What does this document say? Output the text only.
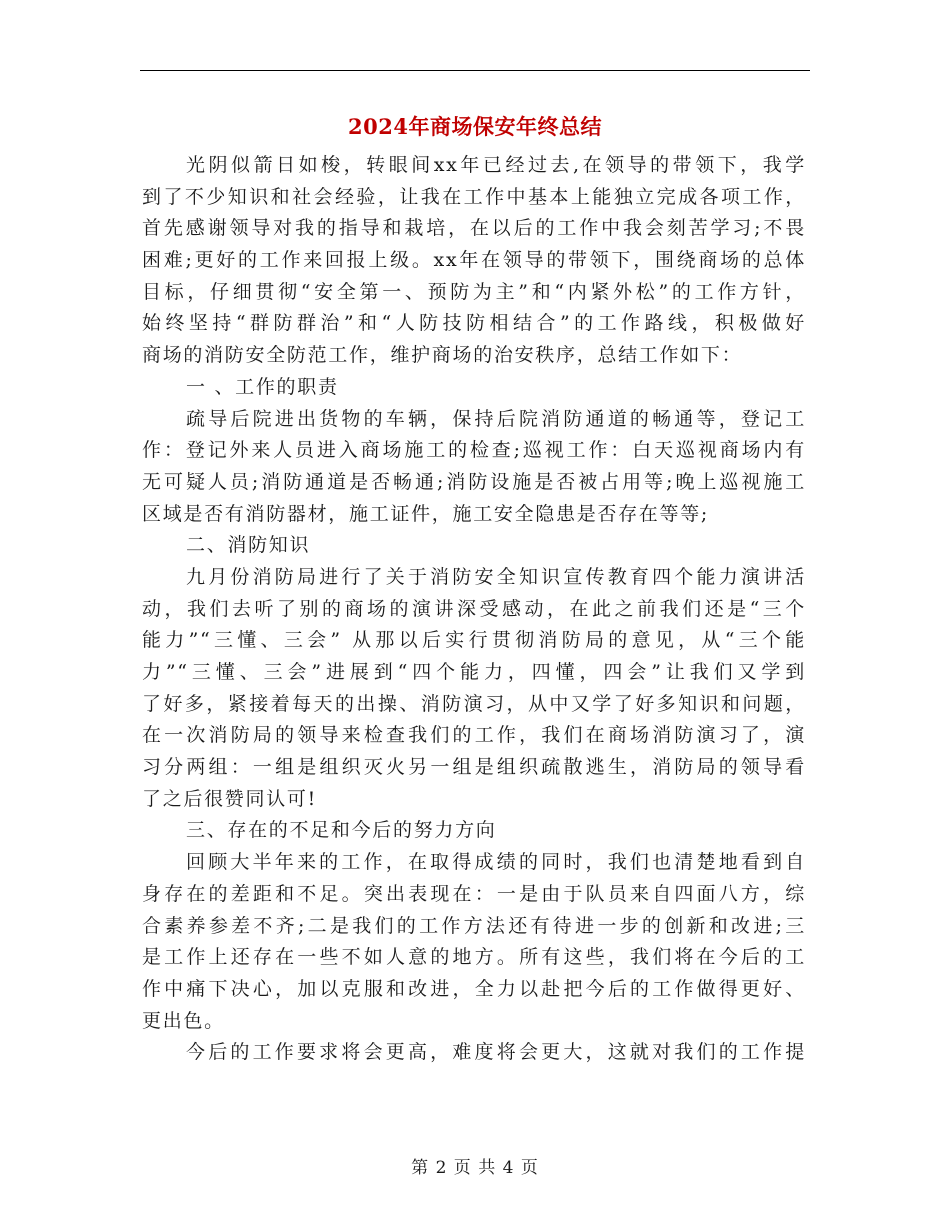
2024年商场保安年终总结
光阴似箭日如梭，转眼间xx年已经过去,在领导的带领下，我学
到了不少知识和社会经验，让我在工作中基本上能独立完成各项工作，
首先感谢领导对我的指导和栽培，在以后的工作中我会刻苦学习;不畏
困难;更好的工作来回报上级。xx年在领导的带领下，围绕商场的总体
目标，仔细贯彻“安全第一、预防为主”和“内紧外松”的工作方针，
始终坚持“群防群治”和“人防技防相结合”的工作路线，积极做好
商场的消防安全防范工作，维护商场的治安秩序，总结工作如下：
一 、工作的职责
疏导后院进出货物的车辆，保持后院消防通道的畅通等，登记工
作：登记外来人员进入商场施工的检查;巡视工作：白天巡视商场内有
无可疑人员;消防通道是否畅通;消防设施是否被占用等;晚上巡视施工
区域是否有消防器材，施工证件，施工安全隐患是否存在等等;
二、消防知识
九月份消防局进行了关于消防安全知识宣传教育四个能力演讲活
动，我们去听了别的商场的演讲深受感动，在此之前我们还是“三个
能力”“三懂、三会” 从那以后实行贯彻消防局的意见，从“三个能
力”“三懂、三会”进展到“四个能力，四懂，四会”让我们又学到
了好多，紧接着每天的出操、消防演习，从中又学了好多知识和问题，
在一次消防局的领导来检查我们的工作，我们在商场消防演习了，演
习分两组：一组是组织灭火另一组是组织疏散逃生，消防局的领导看
了之后很赞同认可!
三、存在的不足和今后的努力方向
回顾大半年来的工作，在取得成绩的同时，我们也清楚地看到自
身存在的差距和不足。突出表现在：一是由于队员来自四面八方，综
合素养参差不齐;二是我们的工作方法还有待进一步的创新和改进;三
是工作上还存在一些不如人意的地方。所有这些，我们将在今后的工
作中痛下决心，加以克服和改进，全力以赴把今后的工作做得更好、
更出色。
今后的工作要求将会更高，难度将会更大，这就对我们的工作提
第 2 页 共 4 页
